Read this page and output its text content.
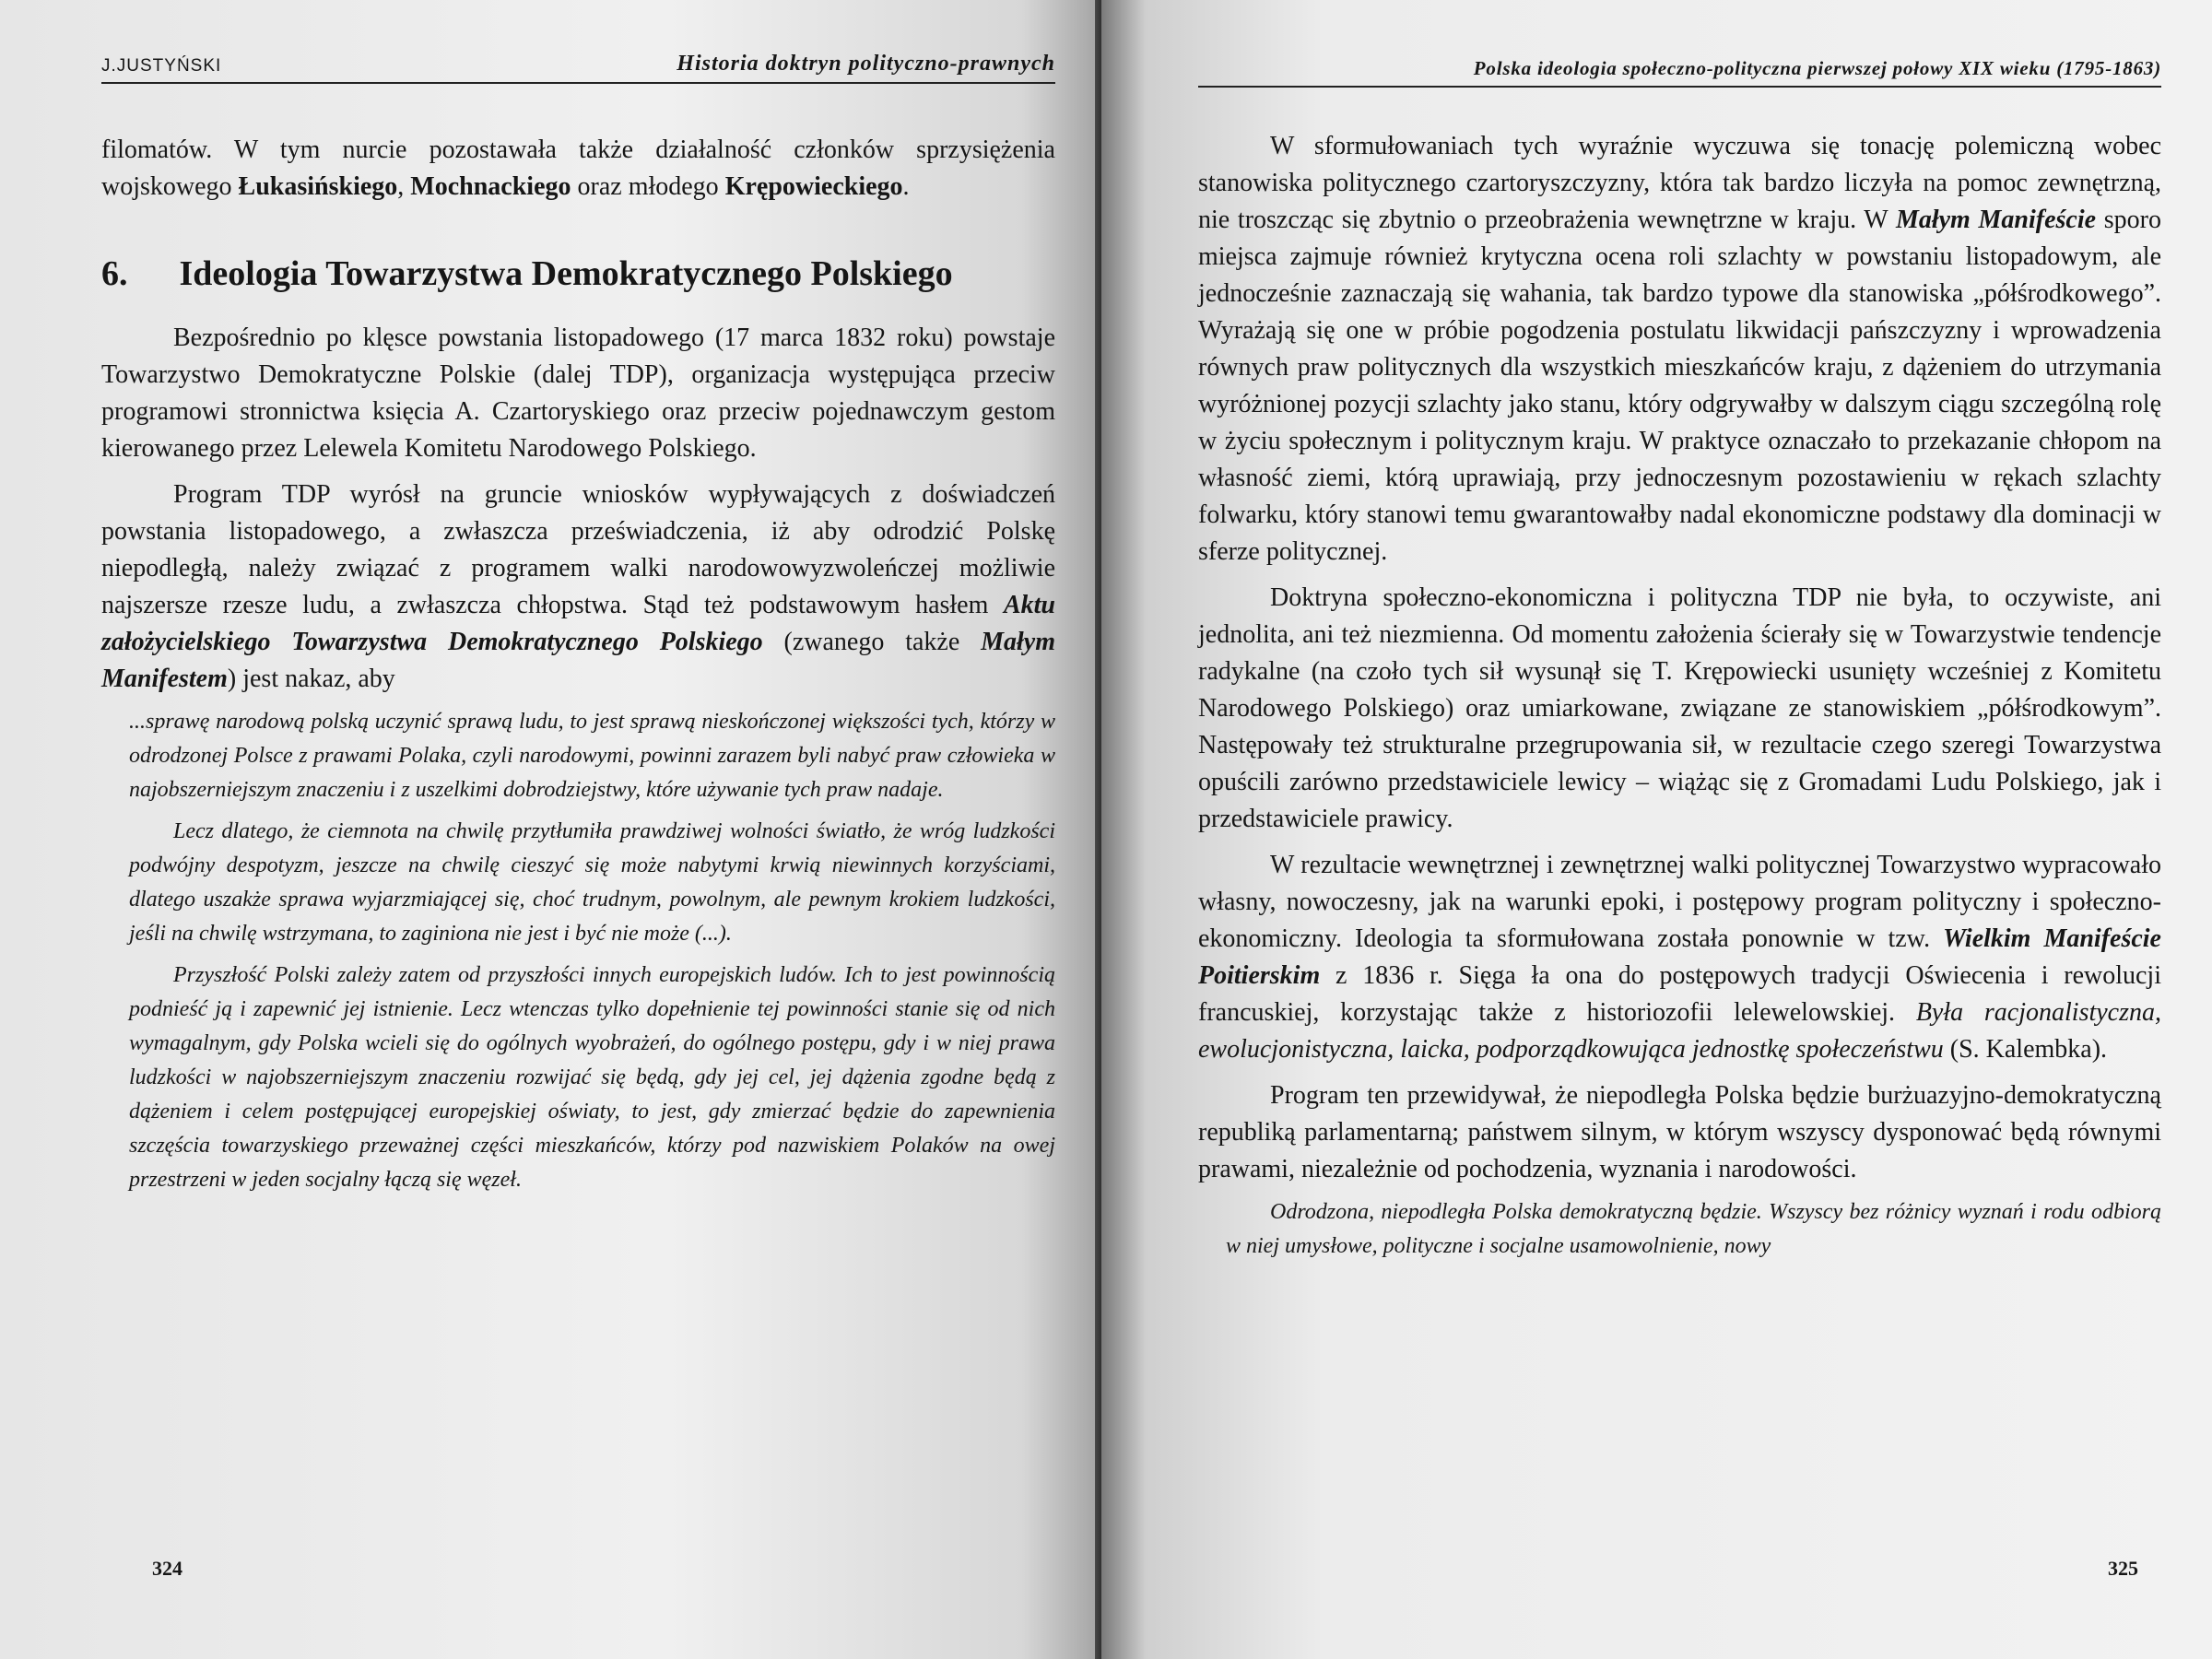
J.JUSTYŃSKI	Historia doktryn polityczno-prawnych

filomatów. W tym nurcie pozostawała także działalność członków sprzysiężenia wojskowego Łukasińskiego, Mochnackiego oraz młodego Krępowieckiego.

6. Ideologia Towarzystwa Demokratycznego Polskiego

Bezpośrednio po klęsce powstania listopadowego (17 marca 1832 roku) powstaje Towarzystwo Demokratyczne Polskie (dalej TDP), organizacja występująca przeciw programowi stronnictwa księcia A. Czartoryskiego oraz przeciw pojednawczym gestom kierowanego przez Lelewela Komitetu Narodowego Polskiego.

Program TDP wyrósł na gruncie wniosków wypływających z doświadczeń powstania listopadowego, a zwłaszcza przeświadczenia, iż aby odrodzić Polskę niepodległą, należy związać z programem walki narodowowyzwoleńczej możliwie najszersze rzesze ludu, a zwłaszcza chłopstwa. Stąd też podstawowym hasłem Aktu założycielskiego Towarzystwa Demokratycznego Polskiego (zwanego także Małym Manifestem) jest nakaz, aby

...sprawę narodową polską uczynić sprawą ludu, to jest sprawą nieskończonej większości tych, którzy w odrodzonej Polsce z prawami Polaka, czyli narodowymi, powinni zarazem byli nabyć praw człowieka w najobszerniejszym znaczeniu i z uszelkimi dobrodziejstwy, które używanie tych praw nadaje.

Lecz dlatego, że ciemnota na chwilę przytłumiła prawdziwej wolności światło, że wróg ludzkości podwójny despotyzm, jeszcze na chwilę cieszyć się może nabytymi krwią niewinnych korzyściami, dlatego uszakże sprawa wyjarzmiającej się, choć trudnym, powolnym, ale pewnym krokiem ludzkości, jeśli na chwilę wstrzymana, to zaginiona nie jest i być nie może (...).

Przyszłość Polski zależy zatem od przyszłości innych europejskich ludów. Ich to jest powinnością podnieść ją i zapewnić jej istnienie. Lecz wtenczas tylko dopełnienie tej powinności stanie się od nich wymagalnym, gdy Polska wcieli się do ogólnych wyobrażeń, do ogólnego postępu, gdy i w niej prawa ludzkości w najobszerniejszym znaczeniu rozwijać się będą, gdy jej cel, jej dążenia zgodne będą z dążeniem i celem postępującej europejskiej oświaty, to jest, gdy zmierzać będzie do zapewnienia szczęścia towarzyskiego przeważnej części mieszkańców, którzy pod nazwiskiem Polaków na owej przestrzeni w jeden socjalny łączą się węzeł.

324
Polska ideologia społeczno-polityczna pierwszej połowy XIX wieku (1795-1863)

W sformułowaniach tych wyraźnie wyczuwa się tonację polemiczną wobec stanowiska politycznego czartoryszczyzny, która tak bardzo liczyła na pomoc zewnętrzną, nie troszcząc się zbytnio o przeobrażenia wewnętrzne w kraju. W Małym Manifeście sporo miejsca zajmuje również krytyczna ocena roli szlachty w powstaniu listopadowym, ale jednocześnie zaznaczają się wahania, tak bardzo typowe dla stanowiska „półśrodkowego”. Wyrażają się one w próbie pogodzenia postulatu likwidacji pańszczyzny i wprowadzenia równych praw politycznych dla wszystkich mieszkańców kraju, z dążeniem do utrzymania wyróżnionej pozycji szlachty jako stanu, który odgrywałby w dalszym ciągu szczególną rolę w życiu społecznym i politycznym kraju. W praktyce oznaczało to przekazanie chłopom na własność ziemi, którą uprawiają, przy jednoczesnym pozostawieniu w rękach szlachty folwarku, który stanowi temu gwarantowałby nadal ekonomiczne podstawy dla dominacji w sferze politycznej.

Doktryna społeczno-ekonomiczna i polityczna TDP nie była, to oczywiste, ani jednolita, ani też niezmienna. Od momentu założenia ścierały się w Towarzystwie tendencje radykalne (na czoło tych sił wysunął się T. Krępowiecki usunięty wcześniej z Komitetu Narodowego Polskiego) oraz umiarkowane, związane ze stanowiskiem „półśrodkowym”. Następowały też strukturalne przegrupowania sił, w rezultacie czego szeregi Towarzystwa opuścili zarówno przedstawiciele lewicy – wiążąc się z Gromadami Ludu Polskiego, jak i przedstawiciele prawicy.

W rezultacie wewnętrznej i zewnętrznej walki politycznej Towarzystwo wypracowało własny, nowoczesny, jak na warunki epoki, i postępowy program polityczny i społeczno-ekonomiczny. Ideologia ta sformułowana została ponownie w tzw. Wielkim Manifeście Poitierskim z 1836 r. Sięga ła ona do postępowych tradycji Oświecenia i rewolucji francuskiej, korzystając także z historiozofii lelewelowskiej. Była racjonalistyczna, ewolucjonistyczna, laicka, podporządkowująca jednostkę społeczeństwu (S. Kalembka).

Program ten przewidywał, że niepodległa Polska będzie burżuazyjno-demokratyczną republiką parlamentarną; państwem silnym, w którym wszyscy dysponować będą równymi prawami, niezależnie od pochodzenia, wyznania i narodowości.

Odrodzona, niepodległa Polska demokratyczną będzie. Wszyscy bez różnicy wyznań i rodu odbiorą w niej umysłowe, polityczne i socjalne usamowolnienie, nowy

325
